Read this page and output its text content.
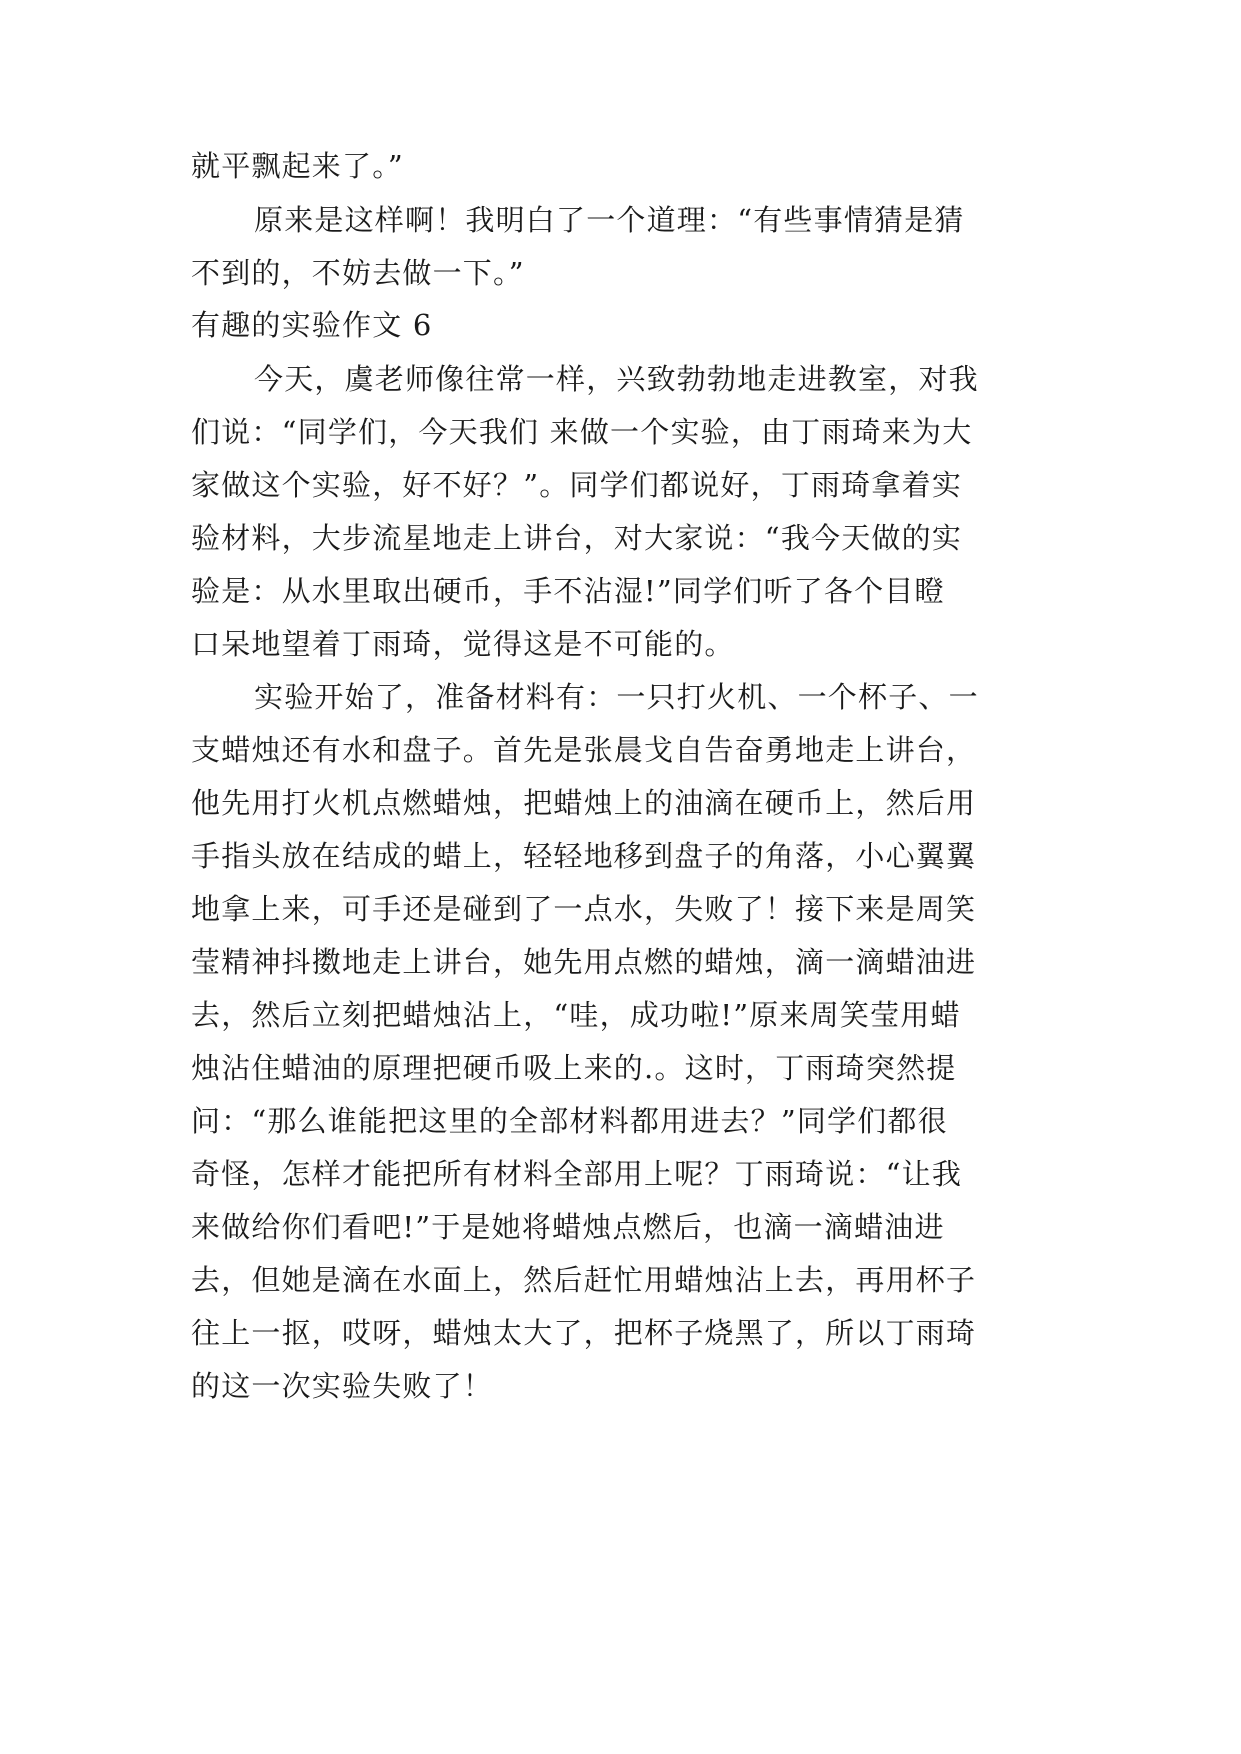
就平飘起来了。”
原来是这样啊！我明白了一个道理：“有些事情猜是猜
不到的，不妨去做一下。”
有趣的实验作文 6
今天，虞老师像往常一样，兴致勃勃地走进教室，对我
们说：“同学们，今天我们 来做一个实验，由丁雨琦来为大
家做这个实验，好不好？”。同学们都说好，丁雨琦拿着实
验材料，大步流星地走上讲台，对大家说：“我今天做的实
验是：从水里取出硬币，手不沾湿!”同学们听了各个目瞪
口呆地望着丁雨琦，觉得这是不可能的。
实验开始了，准备材料有：一只打火机、一个杯子、一
支蜡烛还有水和盘子。首先是张晨戈自告奋勇地走上讲台，
他先用打火机点燃蜡烛，把蜡烛上的油滴在硬币上，然后用
手指头放在结成的蜡上，轻轻地移到盘子的角落，小心翼翼
地拿上来，可手还是碰到了一点水，失败了！接下来是周笑
莹精神抖擞地走上讲台，她先用点燃的蜡烛，滴一滴蜡油进
去，然后立刻把蜡烛沾上，“哇，成功啦!”原来周笑莹用蜡
烛沾住蜡油的原理把硬币吸上来的.。这时，丁雨琦突然提
问：“那么谁能把这里的全部材料都用进去？”同学们都很
奇怪，怎样才能把所有材料全部用上呢？丁雨琦说：“让我
来做给你们看吧!”于是她将蜡烛点燃后，也滴一滴蜡油进
去，但她是滴在水面上，然后赶忙用蜡烛沾上去，再用杯子
往上一抠，哎呀，蜡烛太大了，把杯子烧黑了，所以丁雨琦
的这一次实验失败了！
